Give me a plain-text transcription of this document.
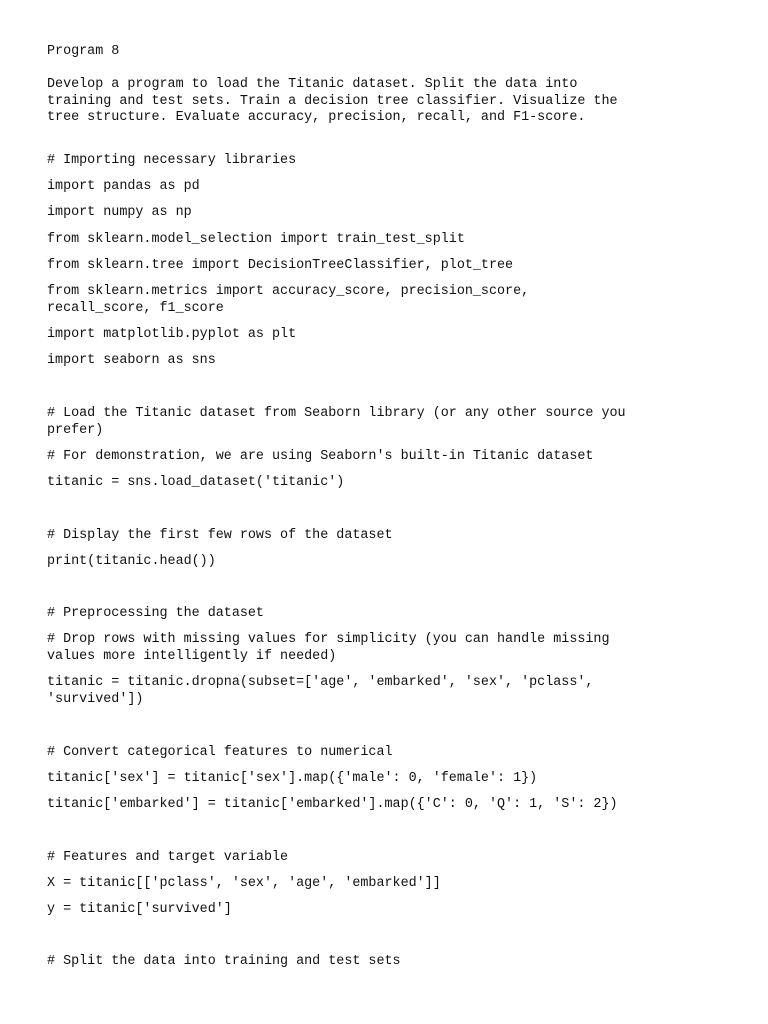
Program 8

Develop a program to load the Titanic dataset. Split the data into
training and test sets. Train a decision tree classifier. Visualize the
tree structure. Evaluate accuracy, precision, recall, and F1-score.

# Importing necessary libraries

import pandas as pd

import numpy as np

from sklearn.model_selection import train_test_split

from sklearn.tree import DecisionTreeClassifier, plot_tree

from sklearn.metrics import accuracy_score, precision_score,
recall_score, f1_score

import matplotlib.pyplot as plt

import seaborn as sns

# Load the Titanic dataset from Seaborn library (or any other source you
prefer)

# For demonstration, we are using Seaborn's built-in Titanic dataset

titanic = sns.load_dataset('titanic')

# Display the first few rows of the dataset

print(titanic.head())

# Preprocessing the dataset

# Drop rows with missing values for simplicity (you can handle missing
values more intelligently if needed)

titanic = titanic.dropna(subset=['age', 'embarked', 'sex', 'pclass',
'survived'])

# Convert categorical features to numerical

titanic['sex'] = titanic['sex'].map({'male': 0, 'female': 1})

titanic['embarked'] = titanic['embarked'].map({'C': 0, 'Q': 1, 'S': 2})

# Features and target variable

X = titanic[['pclass', 'sex', 'age', 'embarked']]

y = titanic['survived']

# Split the data into training and test sets
